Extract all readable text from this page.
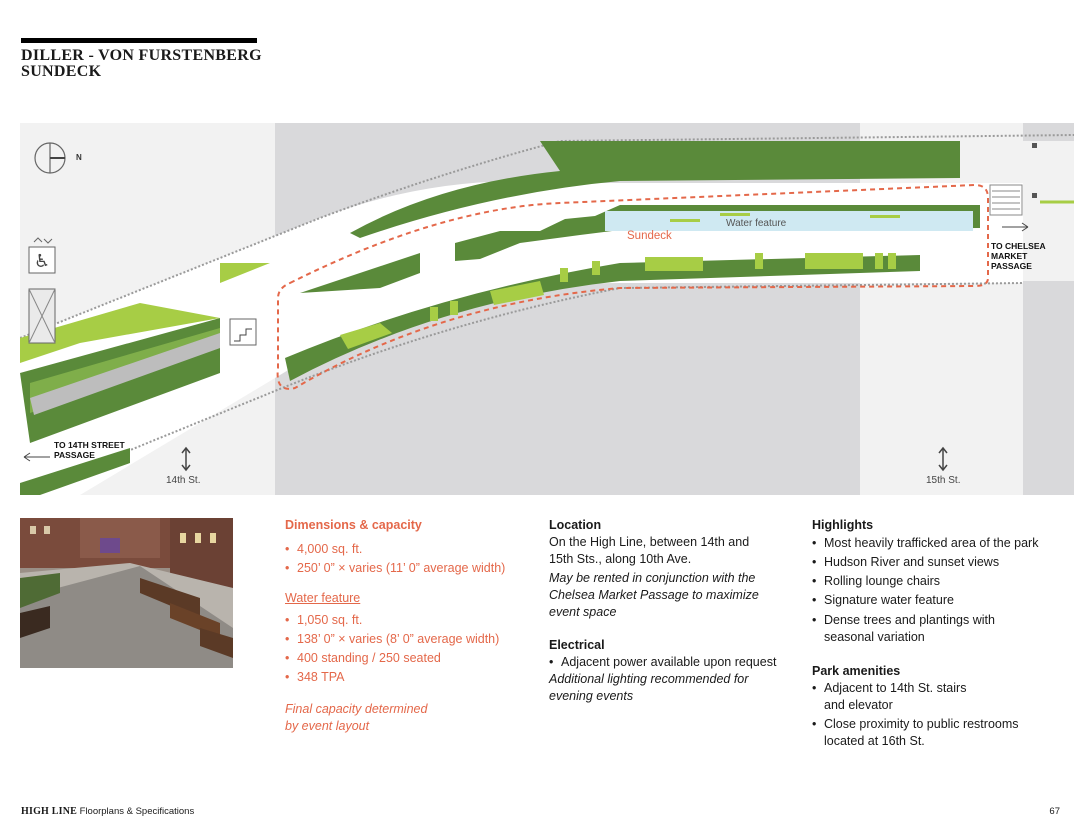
DILLER - VON FURSTENBERG
SUNDECK
♿
N
Water feature
Sundeck
TO CHELSEA
MARKET
PASSAGE
TO 14TH STREET
PASSAGE
14th St.	15th St.
Dimensions & capacity
• 4,000 sq. ft.
• 250’ 0” × varies (11’ 0” average width)
Water feature
• 1,050 sq. ft.
• 138’ 0” × varies (8’ 0” average width)
• 400 standing / 250 seated
• 348 TPA
Final capacity determined
by event layout
Location
On the High Line, between 14th and
15th Sts., along 10th Ave.
May be rented in conjunction with the
Chelsea Market Passage to maximize
event space
Electrical
• Adjacent power available upon request
Additional lighting recommended for
evening events
Highlights
• Most heavily trafficked area of the park
• Hudson River and sunset views
• Rolling lounge chairs
• Signature water feature
• Dense trees and plantings with
seasonal variation
Park amenities
• Adjacent to 14th St. stairs
and elevator
• Close proximity to public restrooms
located at 16th St.
HIGH LINE Floorplans & Specifications	67
